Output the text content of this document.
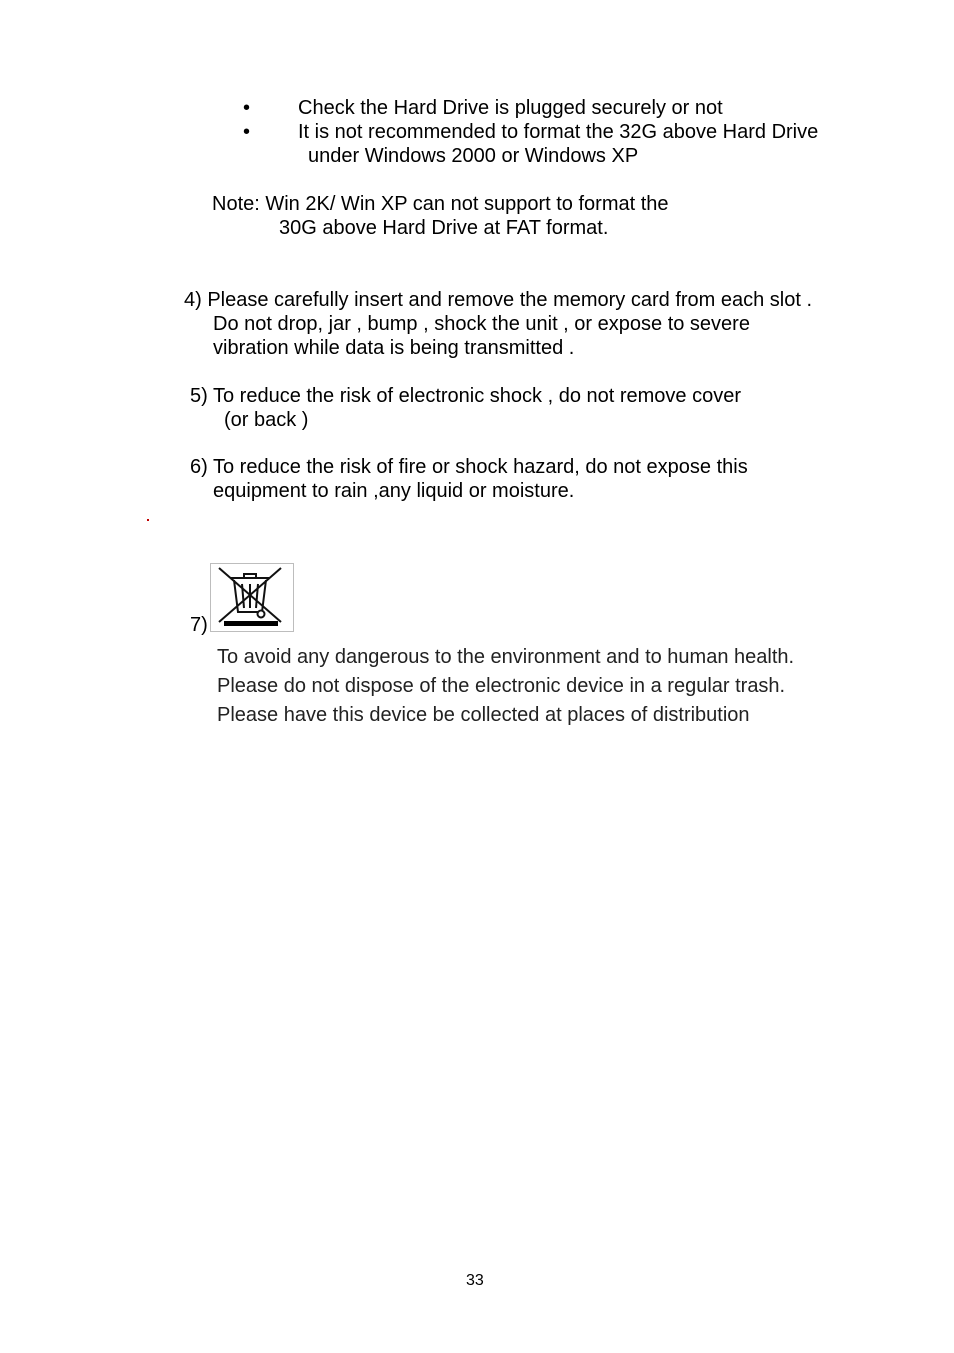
• Check the Hard Drive is plugged securely or not
• It is not recommended to format the 32G above Hard Drive
under Windows 2000 or Windows XP
Note: Win 2K/ Win XP can not support to format the
30G above Hard Drive at FAT format.
4) Please carefully insert and remove the memory card from each slot .
Do not drop, jar , bump , shock the unit , or expose to severe
vibration while data is being transmitted .
5) To reduce the risk of electronic shock , do not remove cover
(or back )
6) To reduce the risk of fire or shock hazard, do not expose this
equipment to rain ,any liquid or moisture.
7)
To avoid any dangerous to the environment and to human health.
Please do not dispose of the electronic device in a regular trash.
Please have this device be collected at places of distribution
33
